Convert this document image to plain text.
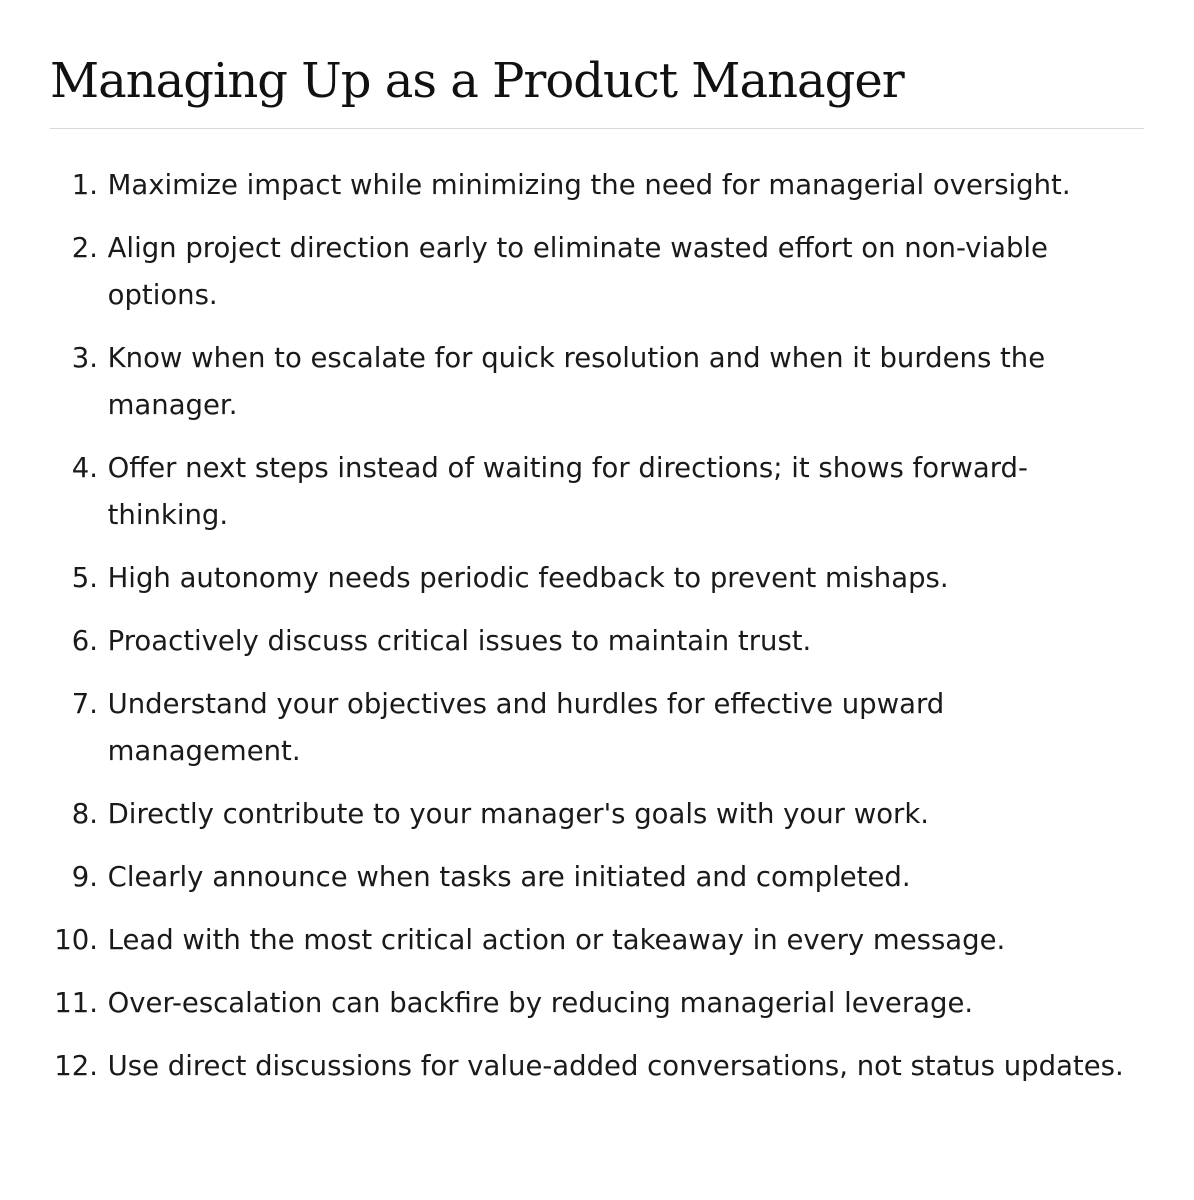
Managing Up as a Product Manager
1. Maximize impact while minimizing the need for managerial oversight.
2. Align project direction early to eliminate wasted effort on non-viable options.
3. Know when to escalate for quick resolution and when it burdens the manager.
4. Offer next steps instead of waiting for directions; it shows forward-thinking.
5. High autonomy needs periodic feedback to prevent mishaps.
6. Proactively discuss critical issues to maintain trust.
7. Understand your objectives and hurdles for effective upward management.
8. Directly contribute to your manager's goals with your work.
9. Clearly announce when tasks are initiated and completed.
10. Lead with the most critical action or takeaway in every message.
11. Over-escalation can backfire by reducing managerial leverage.
12. Use direct discussions for value-added conversations, not status updates.
